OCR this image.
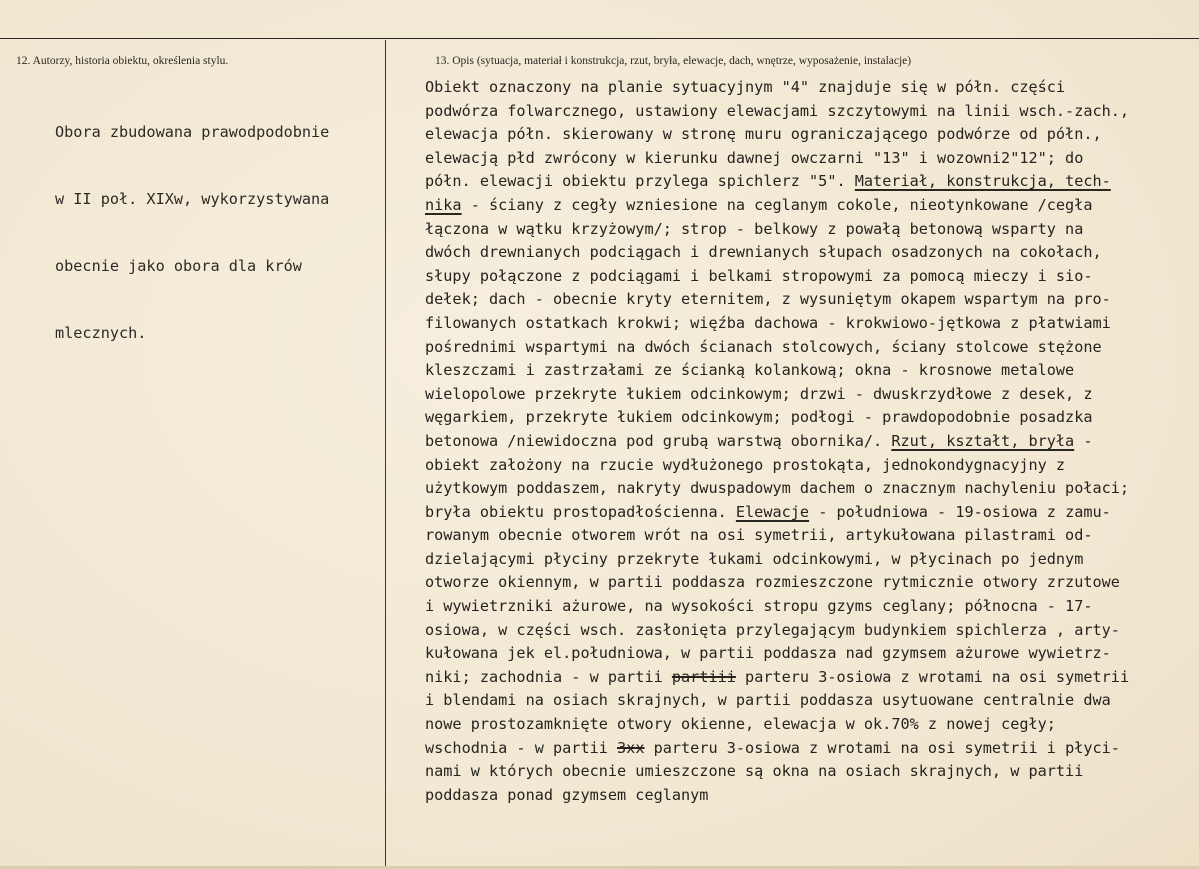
12. Autorzy, historia obiektu, określenia stylu.	13. Opis (sytuacja, materiał i konstrukcja, rzut, bryła, elewacje, dach, wnętrze, wyposażenie, instalacje)

Obora zbudowana prawodpodobnie

w II poł. XIXw, wykorzystywana

obecnie jako obora dla krów

mlecznych.

Obiekt oznaczony na planie sytuacyjnym "4" znajduje się w półn. części
podwórza folwarcznego, ustawiony elewacjami szczytowymi na linii wsch.-zach.,
elewacja półn. skierowany w stronę muru ograniczającego podwórze od półn.,
elewacją płd zwrócony w kierunku dawnej owczarni "13" i wozowni2"12"; do
półn. elewacji obiektu przylega spichlerz "5". Materiał, konstrukcja, tech-
nika - ściany z cegły wzniesione na ceglanym cokole, nieotynkowane /cegła
łączona w wątku krzyżowym/; strop - belkowy z powałą betonową wsparty na
dwóch drewnianych podciągach i drewnianych słupach osadzonych na cokołach,
słupy połączone z podciągami i belkami stropowymi za pomocą mieczy i sio-
dełek; dach - obecnie kryty eternitem, z wysuniętym okapem wspartym na pro-
filowanych ostatkach krokwi; więźba dachowa - krokwiowo-jętkowa z płatwiami
pośrednimi wspartymi na dwóch ścianach stolcowych, ściany stolcowe stężone
kleszczami i zastrzałami ze ścianką kolankową; okna - krosnowe metalowe
wielopolowe przekryte łukiem odcinkowym; drzwi - dwuskrzydłowe z desek, z
węgarkiem, przekryte łukiem odcinkowym; podłogi - prawdopodobnie posadzka
betonowa /niewidoczna pod grubą warstwą obornika/. Rzut, kształt, bryła -
obiekt założony na rzucie wydłużonego prostokąta, jednokondygnacyjny z
użytkowym poddaszem, nakryty dwuspadowym dachem o znacznym nachyleniu połaci;
bryła obiektu prostopadłościenna. Elewacje - południowa - 19-osiowa z zamu-
rowanym obecnie otworem wrót na osi symetrii, artykułowana pilastrami od-
dzielającymi płyciny przekryte łukami odcinkowymi, w płycinach po jednym
otworze okiennym, w partii poddasza rozmieszczone rytmicznie otwory zrzutowe
i wywietrzniki ażurowe, na wysokości stropu gzyms ceglany; północna - 17-
osiowa, w części wsch. zasłonięta przylegającym budynkiem spichlerza , arty-
kułowana jek el.południowa, w partii poddasza nad gzymsem ażurowe wywietrz-
niki; zachodnia - w partii partiii parteru 3-osiowa z wrotami na osi symetrii
i blendami na osiach skrajnych, w partii poddasza usytuowane centralnie dwa
nowe prostozamknięte otwory okienne, elewacja w ok.70% z nowej cegły;
wschodnia - w partii 3xx parteru 3-osiowa z wrotami na osi symetrii i płyci-
nami w których obecnie umieszczone są okna na osiach skrajnych, w partii
poddasza ponad gzymsem ceglanym
